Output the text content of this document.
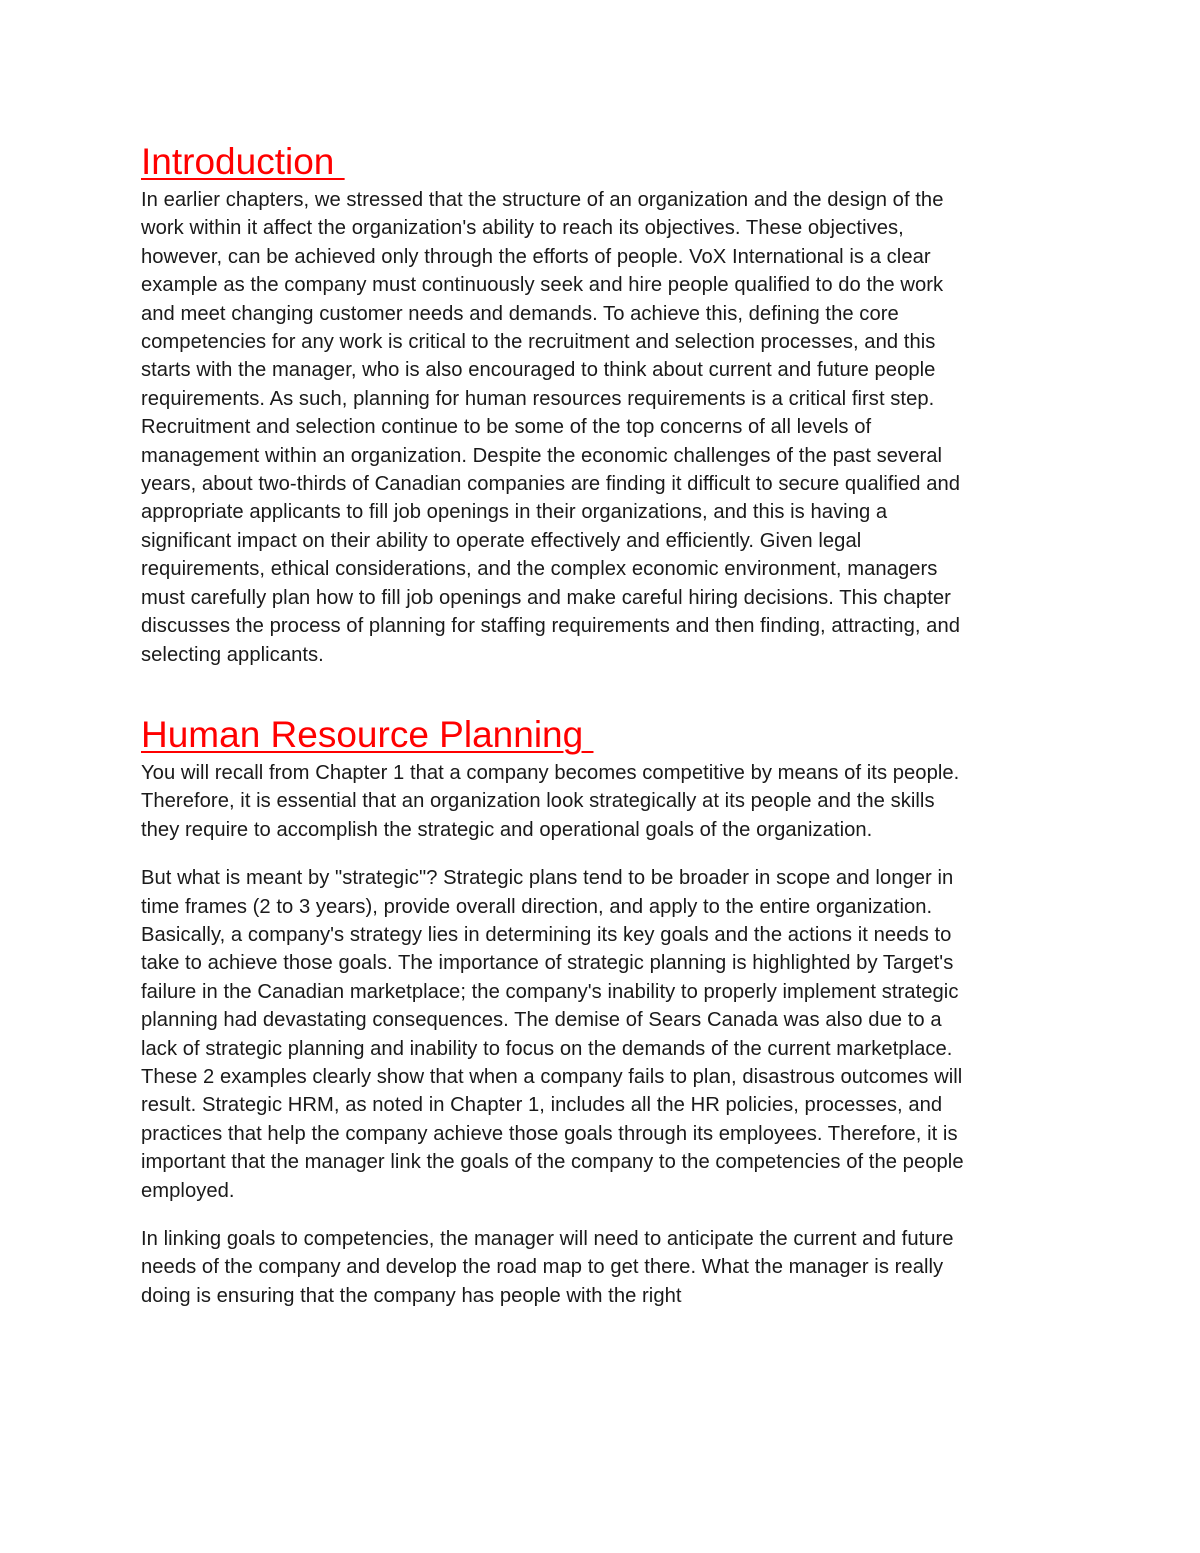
Introduction

In earlier chapters, we stressed that the structure of an organization and the design of the work within it affect the organization's ability to reach its objectives. These objectives, however, can be achieved only through the efforts of people. VoX International is a clear example as the company must continuously seek and hire people qualified to do the work and meet changing customer needs and demands. To achieve this, defining the core competencies for any work is critical to the recruitment and selection processes, and this starts with the manager, who is also encouraged to think about current and future people requirements. As such, planning for human resources requirements is a critical first step.

Recruitment and selection continue to be some of the top concerns of all levels of management within an organization. Despite the economic challenges of the past several years, about two-thirds of Canadian companies are finding it difficult to secure qualified and appropriate applicants to fill job openings in their organizations, and this is having a significant impact on their ability to operate effectively and efficiently. Given legal requirements, ethical considerations, and the complex economic environment, managers must carefully plan how to fill job openings and make careful hiring decisions. This chapter discusses the process of planning for staffing requirements and then finding, attracting, and selecting applicants.

Human Resource Planning

You will recall from Chapter 1 that a company becomes competitive by means of its people. Therefore, it is essential that an organization look strategically at its people and the skills they require to accomplish the strategic and operational goals of the organization.

But what is meant by "strategic"? Strategic plans tend to be broader in scope and longer in time frames (2 to 3 years), provide overall direction, and apply to the entire organization. Basically, a company's strategy lies in determining its key goals and the actions it needs to take to achieve those goals. The importance of strategic planning is highlighted by Target's failure in the Canadian marketplace; the company's inability to properly implement strategic planning had devastating consequences. The demise of Sears Canada was also due to a lack of strategic planning and inability to focus on the demands of the current marketplace. These 2 examples clearly show that when a company fails to plan, disastrous outcomes will result. Strategic HRM, as noted in Chapter 1, includes all the HR policies, processes, and practices that help the company achieve those goals through its employees. Therefore, it is important that the manager link the goals of the company to the competencies of the people employed.

In linking goals to competencies, the manager will need to anticipate the current and future needs of the company and develop the road map to get there. What the manager is really doing is ensuring that the company has people with the right
